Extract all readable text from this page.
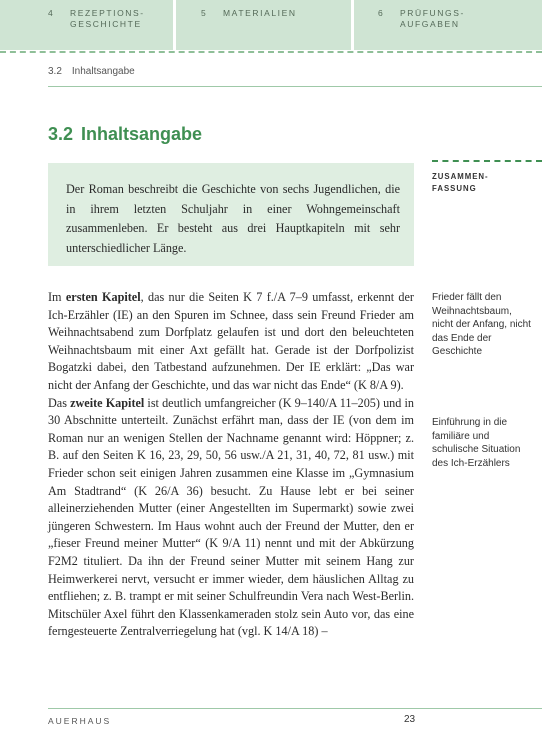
4 REZEPTIONS-
GESCHICHTE
5 MATERIALIEN	6 PRÜFUNGS-
AUFGABEN
3.2 Inhaltsangabe
3.2 Inhaltsangabe
ZUSAMMEN-
FASSUNG

Der Roman beschreibt die Geschichte von sechs Jugendlichen, die in ihrem letzten Schuljahr in einer Wohngemeinschaft zusammenleben. Er besteht aus drei Hauptkapiteln mit sehr unterschiedlicher Länge.

Im ersten Kapitel, das nur die Seiten K 7 f./A 7–9 umfasst, erkennt der Ich-Erzähler (IE) an den Spuren im Schnee, dass sein Freund Frieder am Weihnachtsabend zum Dorfplatz gelaufen ist und dort den beleuchteten Weihnachtsbaum mit einer Axt gefällt hat. Gerade ist der Dorfpolizist Bogatzki dabei, den Tatbestand aufzunehmen. Der IE erklärt: „Das war nicht der Anfang der Geschichte, und das war nicht das Ende“ (K 8/A 9).

Das zweite Kapitel ist deutlich umfangreicher (K 9–140/A 11–205) und in 30 Abschnitte unterteilt. Zunächst erfährt man, dass der IE (von dem im Roman nur an wenigen Stellen der Nachname genannt wird: Höppner; z. B. auf den Seiten K 16, 23, 29, 50, 56 usw./A 21, 31, 40, 72, 81 usw.) mit Frieder schon seit einigen Jahren zusammen eine Klasse im „Gymnasium Am Stadtrand“ (K 26/A 36) besucht. Zu Hause lebt er bei seiner alleinerziehenden Mutter (einer Angestellten im Supermarkt) sowie zwei jüngeren Schwestern. Im Haus wohnt auch der Freund der Mutter, den er „fieser Freund meiner Mutter“ (K 9/A 11) nennt und mit der Abkürzung F2M2 tituliert. Da ihn der Freund seiner Mutter mit seinem Hang zur Heimwerkerei nervt, versucht er immer wieder, dem häuslichen Alltag zu entfliehen; z. B. trampt er mit seiner Schulfreundin Vera nach West-Berlin. Mitschüler Axel führt den Klassenkameraden stolz sein Auto vor, das eine ferngesteuerte Zentralverriegelung hat (vgl. K 14/A 18) –

Frieder fällt den Weihnachtsbaum, nicht der Anfang, nicht das Ende der Geschichte
Einführung in die familiäre und schulische Situation des Ich-Erzählers
AUERHAUS	23
